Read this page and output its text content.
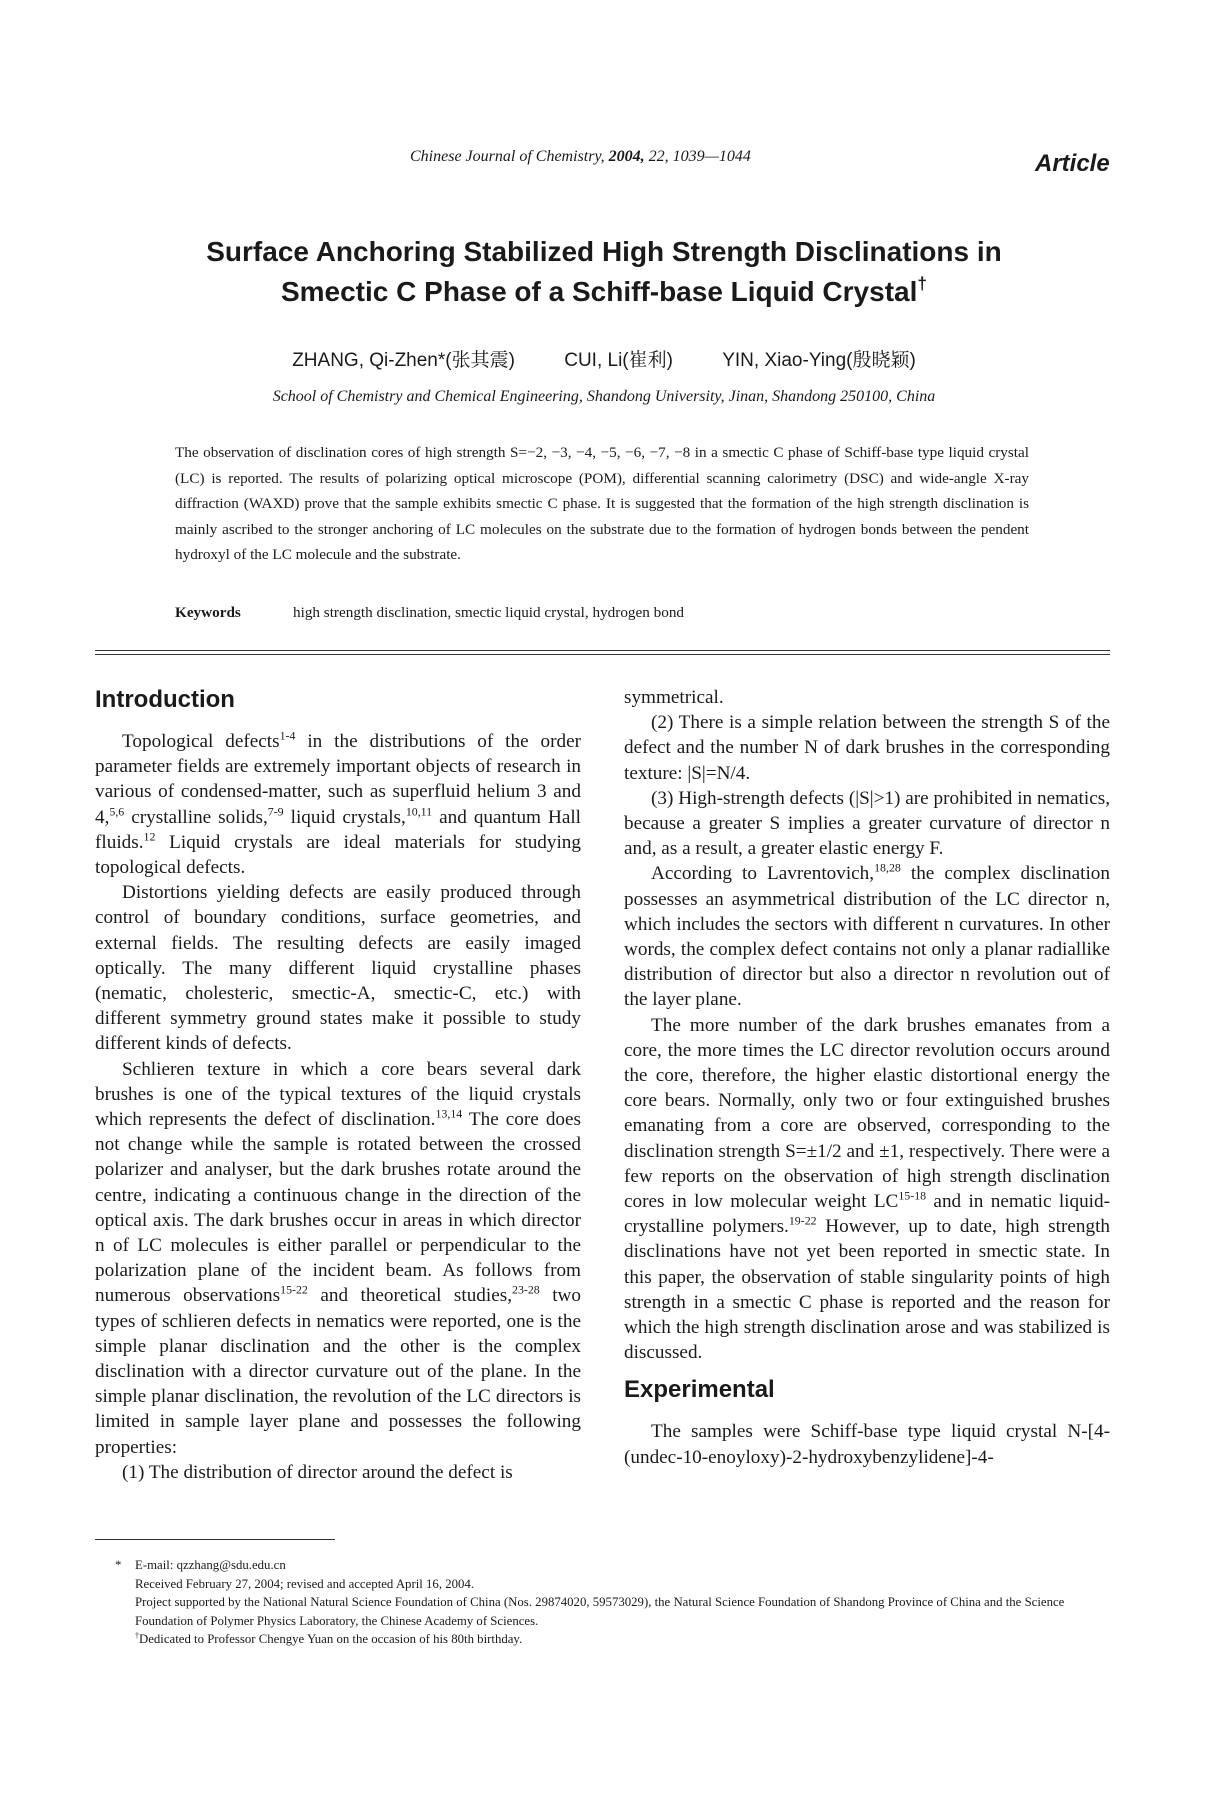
Chinese Journal of Chemistry, 2004, 22, 1039—1044	Article
Surface Anchoring Stabilized High Strength Disclinations in
Smectic C Phase of a Schiff-base Liquid Crystal†
ZHANG, Qi-Zhen*(张其震)	CUI, Li(崔利)	YIN, Xiao-Ying(殷晓颖)
School of Chemistry and Chemical Engineering, Shandong University, Jinan, Shandong 250100, China
The observation of disclination cores of high strength S=−2, −3, −4, −5, −6, −7, −8 in a smectic C phase of Schiff-base type liquid crystal (LC) is reported. The results of polarizing optical microscope (POM), differential scanning calorimetry (DSC) and wide-angle X-ray diffraction (WAXD) prove that the sample exhibits smectic C phase. It is suggested that the formation of the high strength disclination is mainly ascribed to the stronger anchoring of LC molecules on the substrate due to the formation of hydrogen bonds between the pendent hydroxyl of the LC molecule and the substrate.
Keywords	high strength disclination, smectic liquid crystal, hydrogen bond
Introduction

Topological defects$^{1-4}$ in the distributions of the order parameter fields are extremely important objects of research in various of condensed-matter, such as superfluid helium 3 and 4,$^{5,6}$ crystalline solids,$^{7-9}$ liquid crystals,$^{10,11}$ and quantum Hall fluids.$^{12}$ Liquid crystals are ideal materials for studying topological defects.

Distortions yielding defects are easily produced through control of boundary conditions, surface geometries, and external fields. The resulting defects are easily imaged optically. The many different liquid crystalline phases (nematic, cholesteric, smectic-A, smectic-C, etc.) with different symmetry ground states make it possible to study different kinds of defects.

Schlieren texture in which a core bears several dark brushes is one of the typical textures of the liquid crystals which represents the defect of disclination.$^{13,14}$ The core does not change while the sample is rotated between the crossed polarizer and analyser, but the dark brushes rotate around the centre, indicating a continuous change in the direction of the optical axis. The dark brushes occur in areas in which director n of LC molecules is either parallel or perpendicular to the polarization plane of the incident beam. As follows from numerous observations$^{15-22}$ and theoretical studies,$^{23-28}$ two types of schlieren defects in nematics were reported, one is the simple planar disclination and the other is the complex disclination with a director curvature out of the plane. In the simple planar disclination, the revolution of the LC directors is limited in sample layer plane and possesses the following properties:

(1) The distribution of director around the defect is

symmetrical.

(2) There is a simple relation between the strength S of the defect and the number N of dark brushes in the corresponding texture: |S|=N/4.

(3) High-strength defects (|S|>1) are prohibited in nematics, because a greater S implies a greater curvature of director n and, as a result, a greater elastic energy F.

According to Lavrentovich,$^{18,28}$ the complex disclination possesses an asymmetrical distribution of the LC director n, which includes the sectors with different n curvatures. In other words, the complex defect contains not only a planar radiallike distribution of director but also a director n revolution out of the layer plane.

The more number of the dark brushes emanates from a core, the more times the LC director revolution occurs around the core, therefore, the higher elastic distortional energy the core bears. Normally, only two or four extinguished brushes emanating from a core are observed, corresponding to the disclination strength S=±1/2 and ±1, respectively. There were a few reports on the observation of high strength disclination cores in low molecular weight LC$^{15-18}$ and in nematic liquid-crystalline polymers.$^{19-22}$ However, up to date, high strength disclinations have not yet been reported in smectic state. In this paper, the observation of stable singularity points of high strength in a smectic C phase is reported and the reason for which the high strength disclination arose and was stabilized is discussed.

Experimental

The samples were Schiff-base type liquid crystal N-[4-(undec-10-enoyloxy)-2-hydroxybenzylidene]-4-

* E-mail: qzzhang@sdu.edu.cn
Received February 27, 2004; revised and accepted April 16, 2004.
Project supported by the National Natural Science Foundation of China (Nos. 29874020, 59573029), the Natural Science Foundation of Shandong Province of China and the Science Foundation of Polymer Physics Laboratory, the Chinese Academy of Sciences.
†Dedicated to Professor Chengye Yuan on the occasion of his 80th birthday.
